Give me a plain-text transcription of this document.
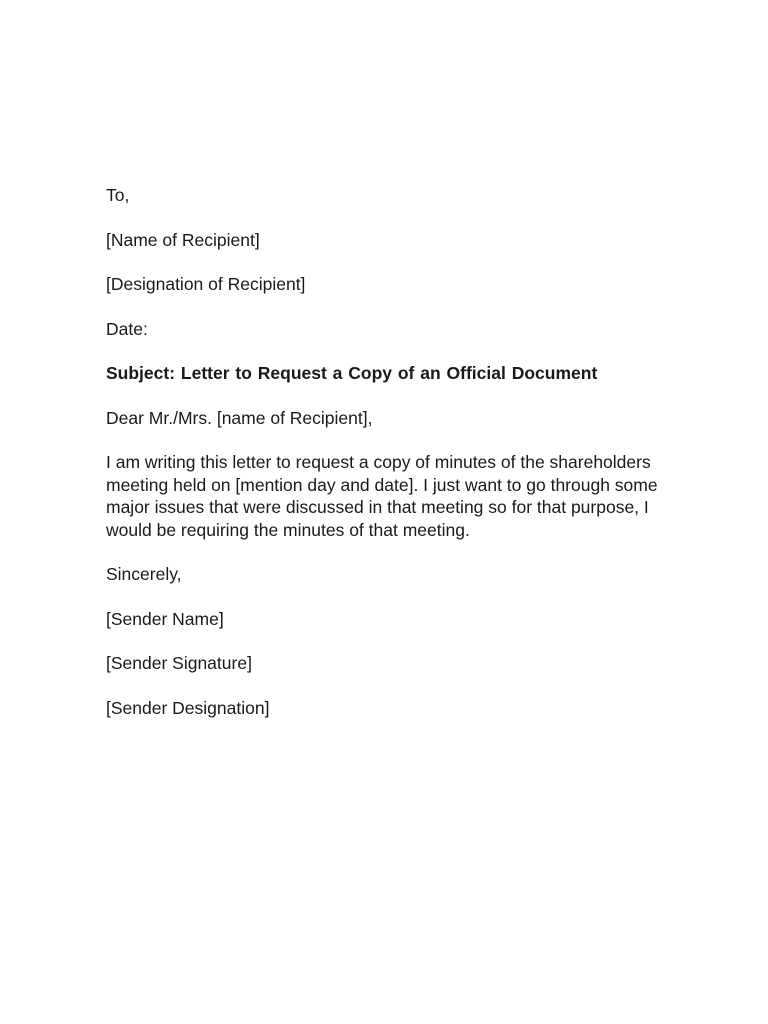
To,
[Name of Recipient]
[Designation of Recipient]
Date:
Subject: Letter to Request a Copy of an Official Document
Dear Mr./Mrs. [name of Recipient],
I am writing this letter to request a copy of minutes of the shareholders meeting held on [mention day and date]. I just want to go through some major issues that were discussed in that meeting so for that purpose, I would be requiring the minutes of that meeting.
Sincerely,
[Sender Name]
[Sender Signature]
[Sender Designation]
